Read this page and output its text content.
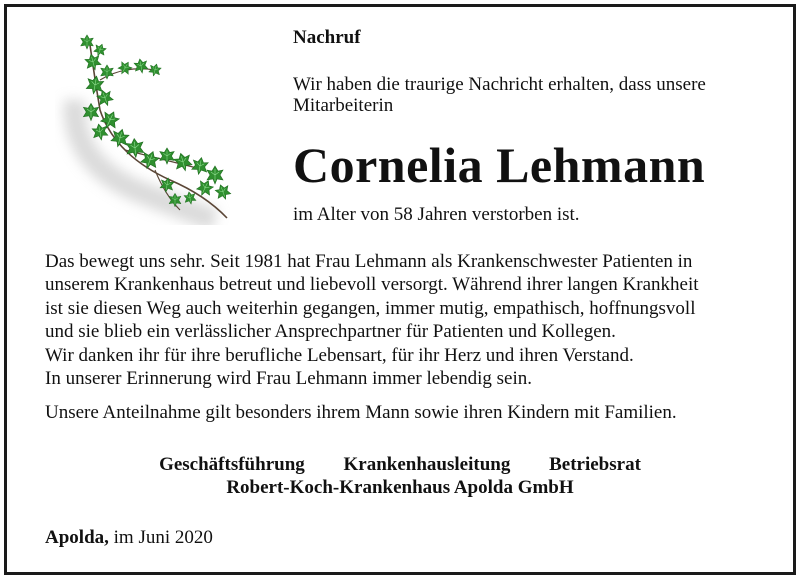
Nachruf
Wir haben die traurige Nachricht erhalten, dass unsere
Mitarbeiterin
Cornelia Lehmann
im Alter von 58 Jahren verstorben ist.
Das bewegt uns sehr. Seit 1981 hat Frau Lehmann als Krankenschwester Patienten in
unserem Krankenhaus betreut und liebevoll versorgt. Während ihrer langen Krankheit
ist sie diesen Weg auch weiterhin gegangen, immer mutig, empathisch, hoffnungsvoll
und sie blieb ein verlässlicher Ansprechpartner für Patienten und Kollegen.
Wir danken ihr für ihre berufliche Lebensart, für ihr Herz und ihren Verstand.
In unserer Erinnerung wird Frau Lehmann immer lebendig sein.
Unsere Anteilnahme gilt besonders ihrem Mann sowie ihren Kindern mit Familien.
Geschäftsführung Krankenhausleitung Betriebsrat
Robert-Koch-Krankenhaus Apolda GmbH
Apolda, im Juni 2020
